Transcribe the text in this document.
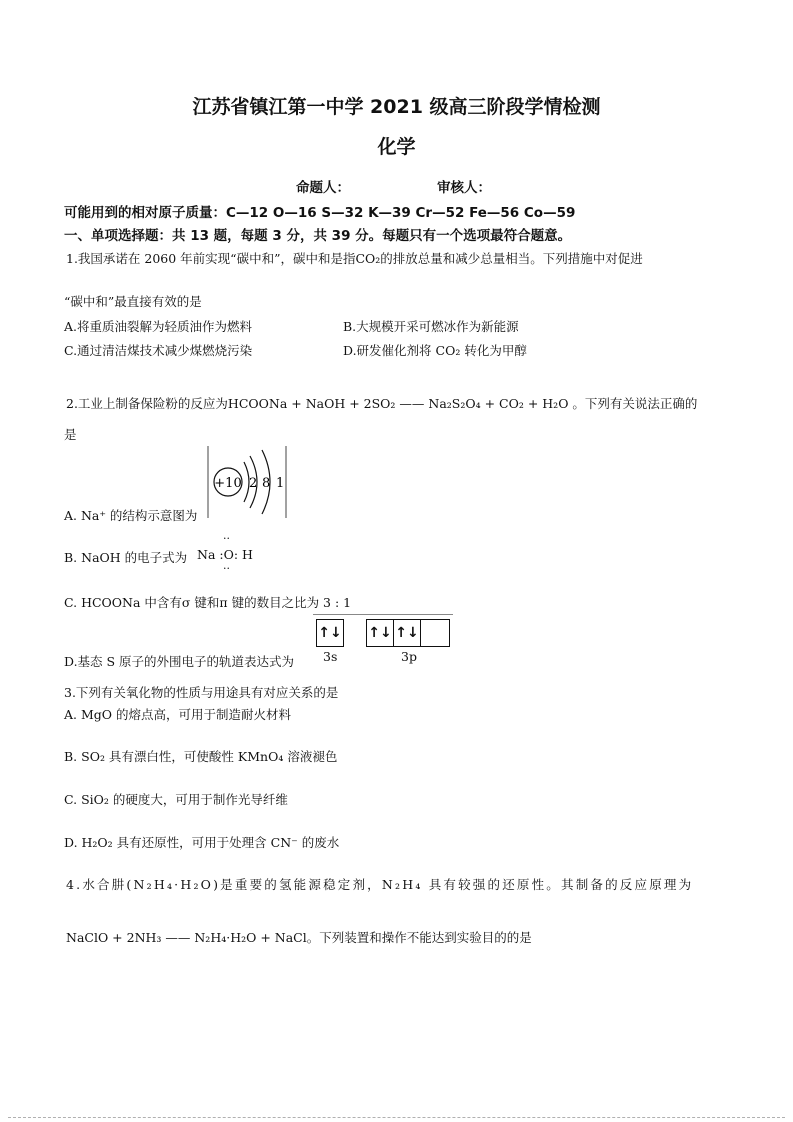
江苏省镇江第一中学 2021 级高三阶段学情检测
化学
命题人：	审核人：
可能用到的相对原子质量：C—12 O—16 S—32 K—39 Cr—52 Fe—56 Co—59
一、单项选择题：共 13 题，每题 3 分，共 39 分。每题只有一个选项最符合题意。
1.我国承诺在 2060 年前实现“碳中和”，碳中和是指CO₂的排放总量和减少总量相当。下列措施中对促进
“碳中和”最直接有效的是
A.将重质油裂解为轻质油作为燃料	B.大规模开采可燃冰作为新能源
C.通过清洁煤技术减少煤燃烧污染	D.研发催化剂将 CO₂ 转化为甲醇
2.工业上制备保险粉的反应为HCOONa + NaOH + 2SO₂ —— Na₂S₂O₄ + CO₂ + H₂O 。下列有关说法正确的
是
+10 2 8 1
A. Na⁺ 的结构示意图为
B. NaOH 的电子式为
··
Na :O: H
··
C. HCOONa 中含有σ 键和π 键的数目之比为 3 : 1
D.基态 S 原子的外围电子的轨道表达式为
↑↓ ↑↓ ↑↓
3s	3p
3.下列有关氧化物的性质与用途具有对应关系的是
A. MgO 的熔点高，可用于制造耐火材料
B. SO₂ 具有漂白性，可使酸性 KMnO₄ 溶液褪色
C. SiO₂ 的硬度大，可用于制作光导纤维
D. H₂O₂ 具有还原性，可用于处理含 CN⁻ 的废水
4.水合肼(N₂H₄·H₂O)是重要的氢能源稳定剂，N₂H₄ 具有较强的还原性。其制备的反应原理为
NaClO + 2NH₃ —— N₂H₄·H₂O + NaCl。下列装置和操作不能达到实验目的的是
